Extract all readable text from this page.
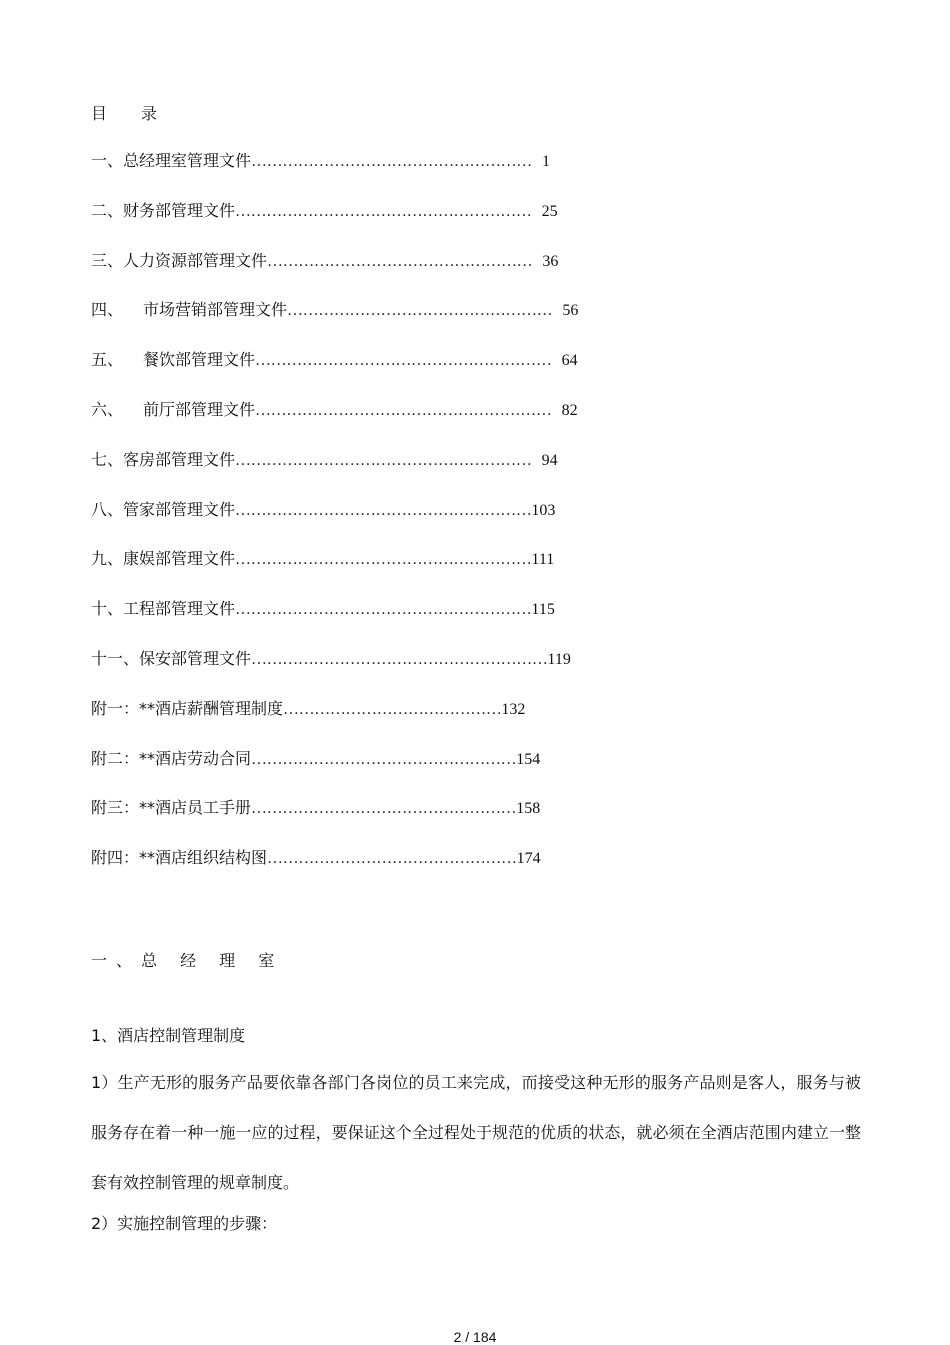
目 录
一、总经理室管理文件……………………………………………… 1
二、财务部管理文件………………………………………………… 25
三、人力资源部管理文件…………………………………………… 36
四、 市场营销部管理文件…………………………………………… 56
五、 餐饮部管理文件………………………………………………… 64
六、 前厅部管理文件………………………………………………… 82
七、客房部管理文件………………………………………………… 94
八、管家部管理文件…………………………………………………103
九、康娱部管理文件…………………………………………………111
十、工程部管理文件…………………………………………………115
十一、保安部管理文件…………………………………………………119
附一：**酒店薪酬管理制度……………………………………132
附二：**酒店劳动合同……………………………………………154
附三：**酒店员工手册……………………………………………158
附四：**酒店组织结构图…………………………………………174
一、总 经 理 室
1、酒店控制管理制度
1）生产无形的服务产品要依靠各部门各岗位的员工来完成，而接受这种无形的服务产品则是客人，服务与被服务存在着一种一施一应的过程，要保证这个全过程处于规范的优质的状态，就必须在全酒店范围内建立一整套有效控制管理的规章制度。
2）实施控制管理的步骤：
2 / 184
